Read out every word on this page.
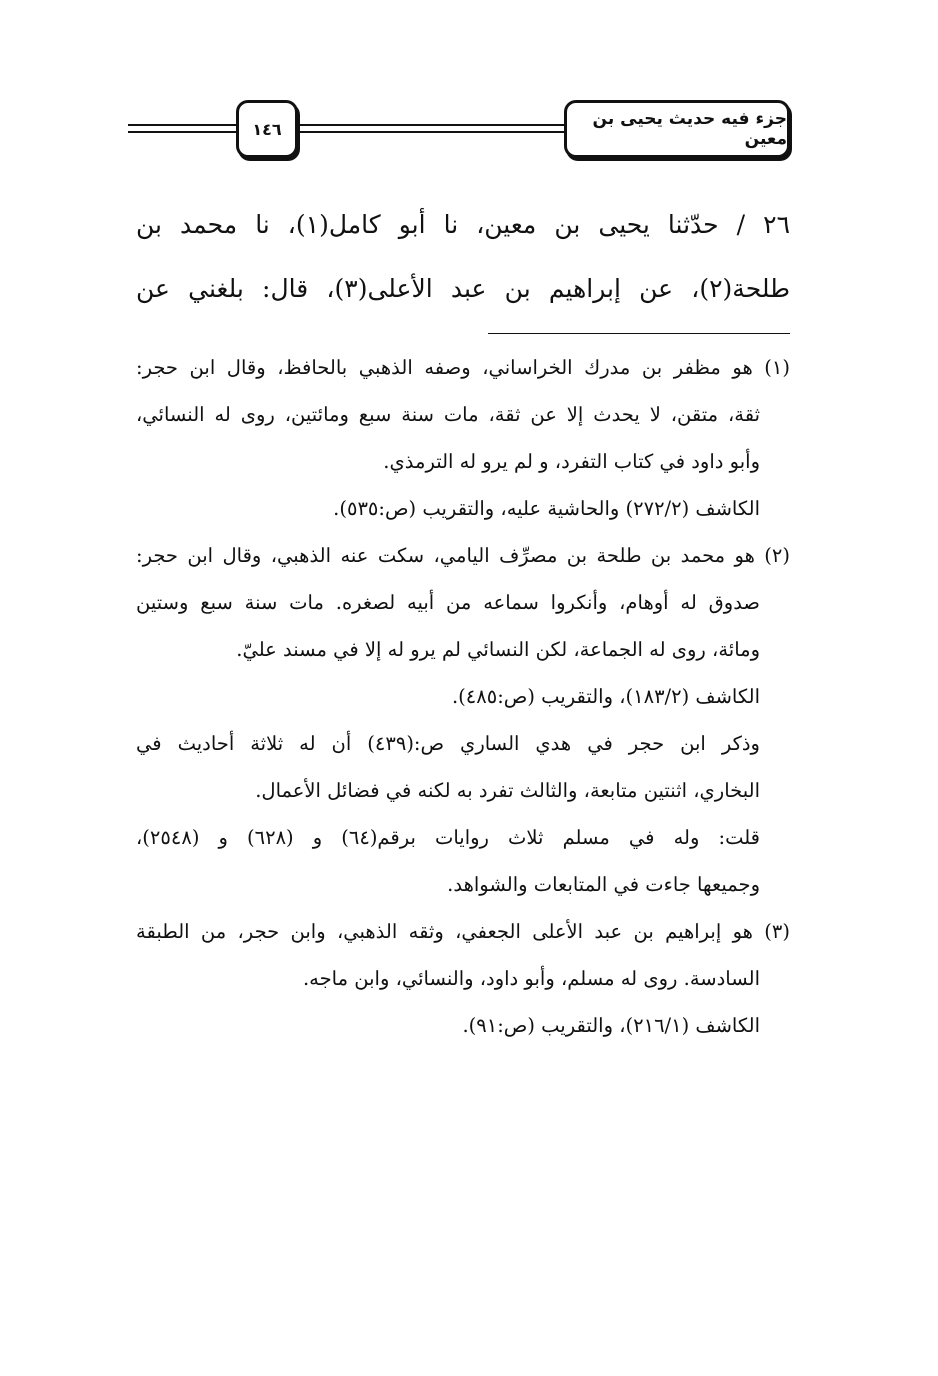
١٤٦	جزء فيه حديث يحيى بن معين
٢٦ / حدّثنا يحيى بن معين، نا أبو كامل(١)، نا محمد بن
طلحة(٢)، عن إبراهيم بن عبد الأعلى(٣)، قال: بلغني عن
(١) هو مظفر بن مدرك الخراساني، وصفه الذهبي بالحافظ، وقال ابن حجر:
ثقة، متقن، لا يحدث إلا عن ثقة، مات سنة سبع ومائتين، روى له النسائي،
وأبو داود في كتاب التفرد، و لم يرو له الترمذي.
الكاشف (٢٧٢/٢) والحاشية عليه، والتقريب (ص:٥٣٥).
(٢) هو محمد بن طلحة بن مصرِّف اليامي، سكت عنه الذهبي، وقال ابن حجر:
صدوق له أوهام، وأنكروا سماعه من أبيه لصغره. مات سنة سبع وستين
ومائة، روى له الجماعة، لكن النسائي لم يرو له إلا في مسند عليّ.
الكاشف (١٨٣/٢)، والتقريب (ص:٤٨٥).
وذكر ابن حجر في هدي الساري ص:(٤٣٩) أن له ثلاثة أحاديث في
البخاري، اثنتين متابعة، والثالث تفرد به لكنه في فضائل الأعمال.
قلت: وله في مسلم ثلاث روايات برقم(٦٤) و (٦٢٨) و (٢٥٤٨)،
وجميعها جاءت في المتابعات والشواهد.
(٣) هو إبراهيم بن عبد الأعلى الجعفي، وثقه الذهبي، وابن حجر، من الطبقة
السادسة. روى له مسلم، وأبو داود، والنسائي، وابن ماجه.
الكاشف (٢١٦/١)، والتقريب (ص:٩١).
